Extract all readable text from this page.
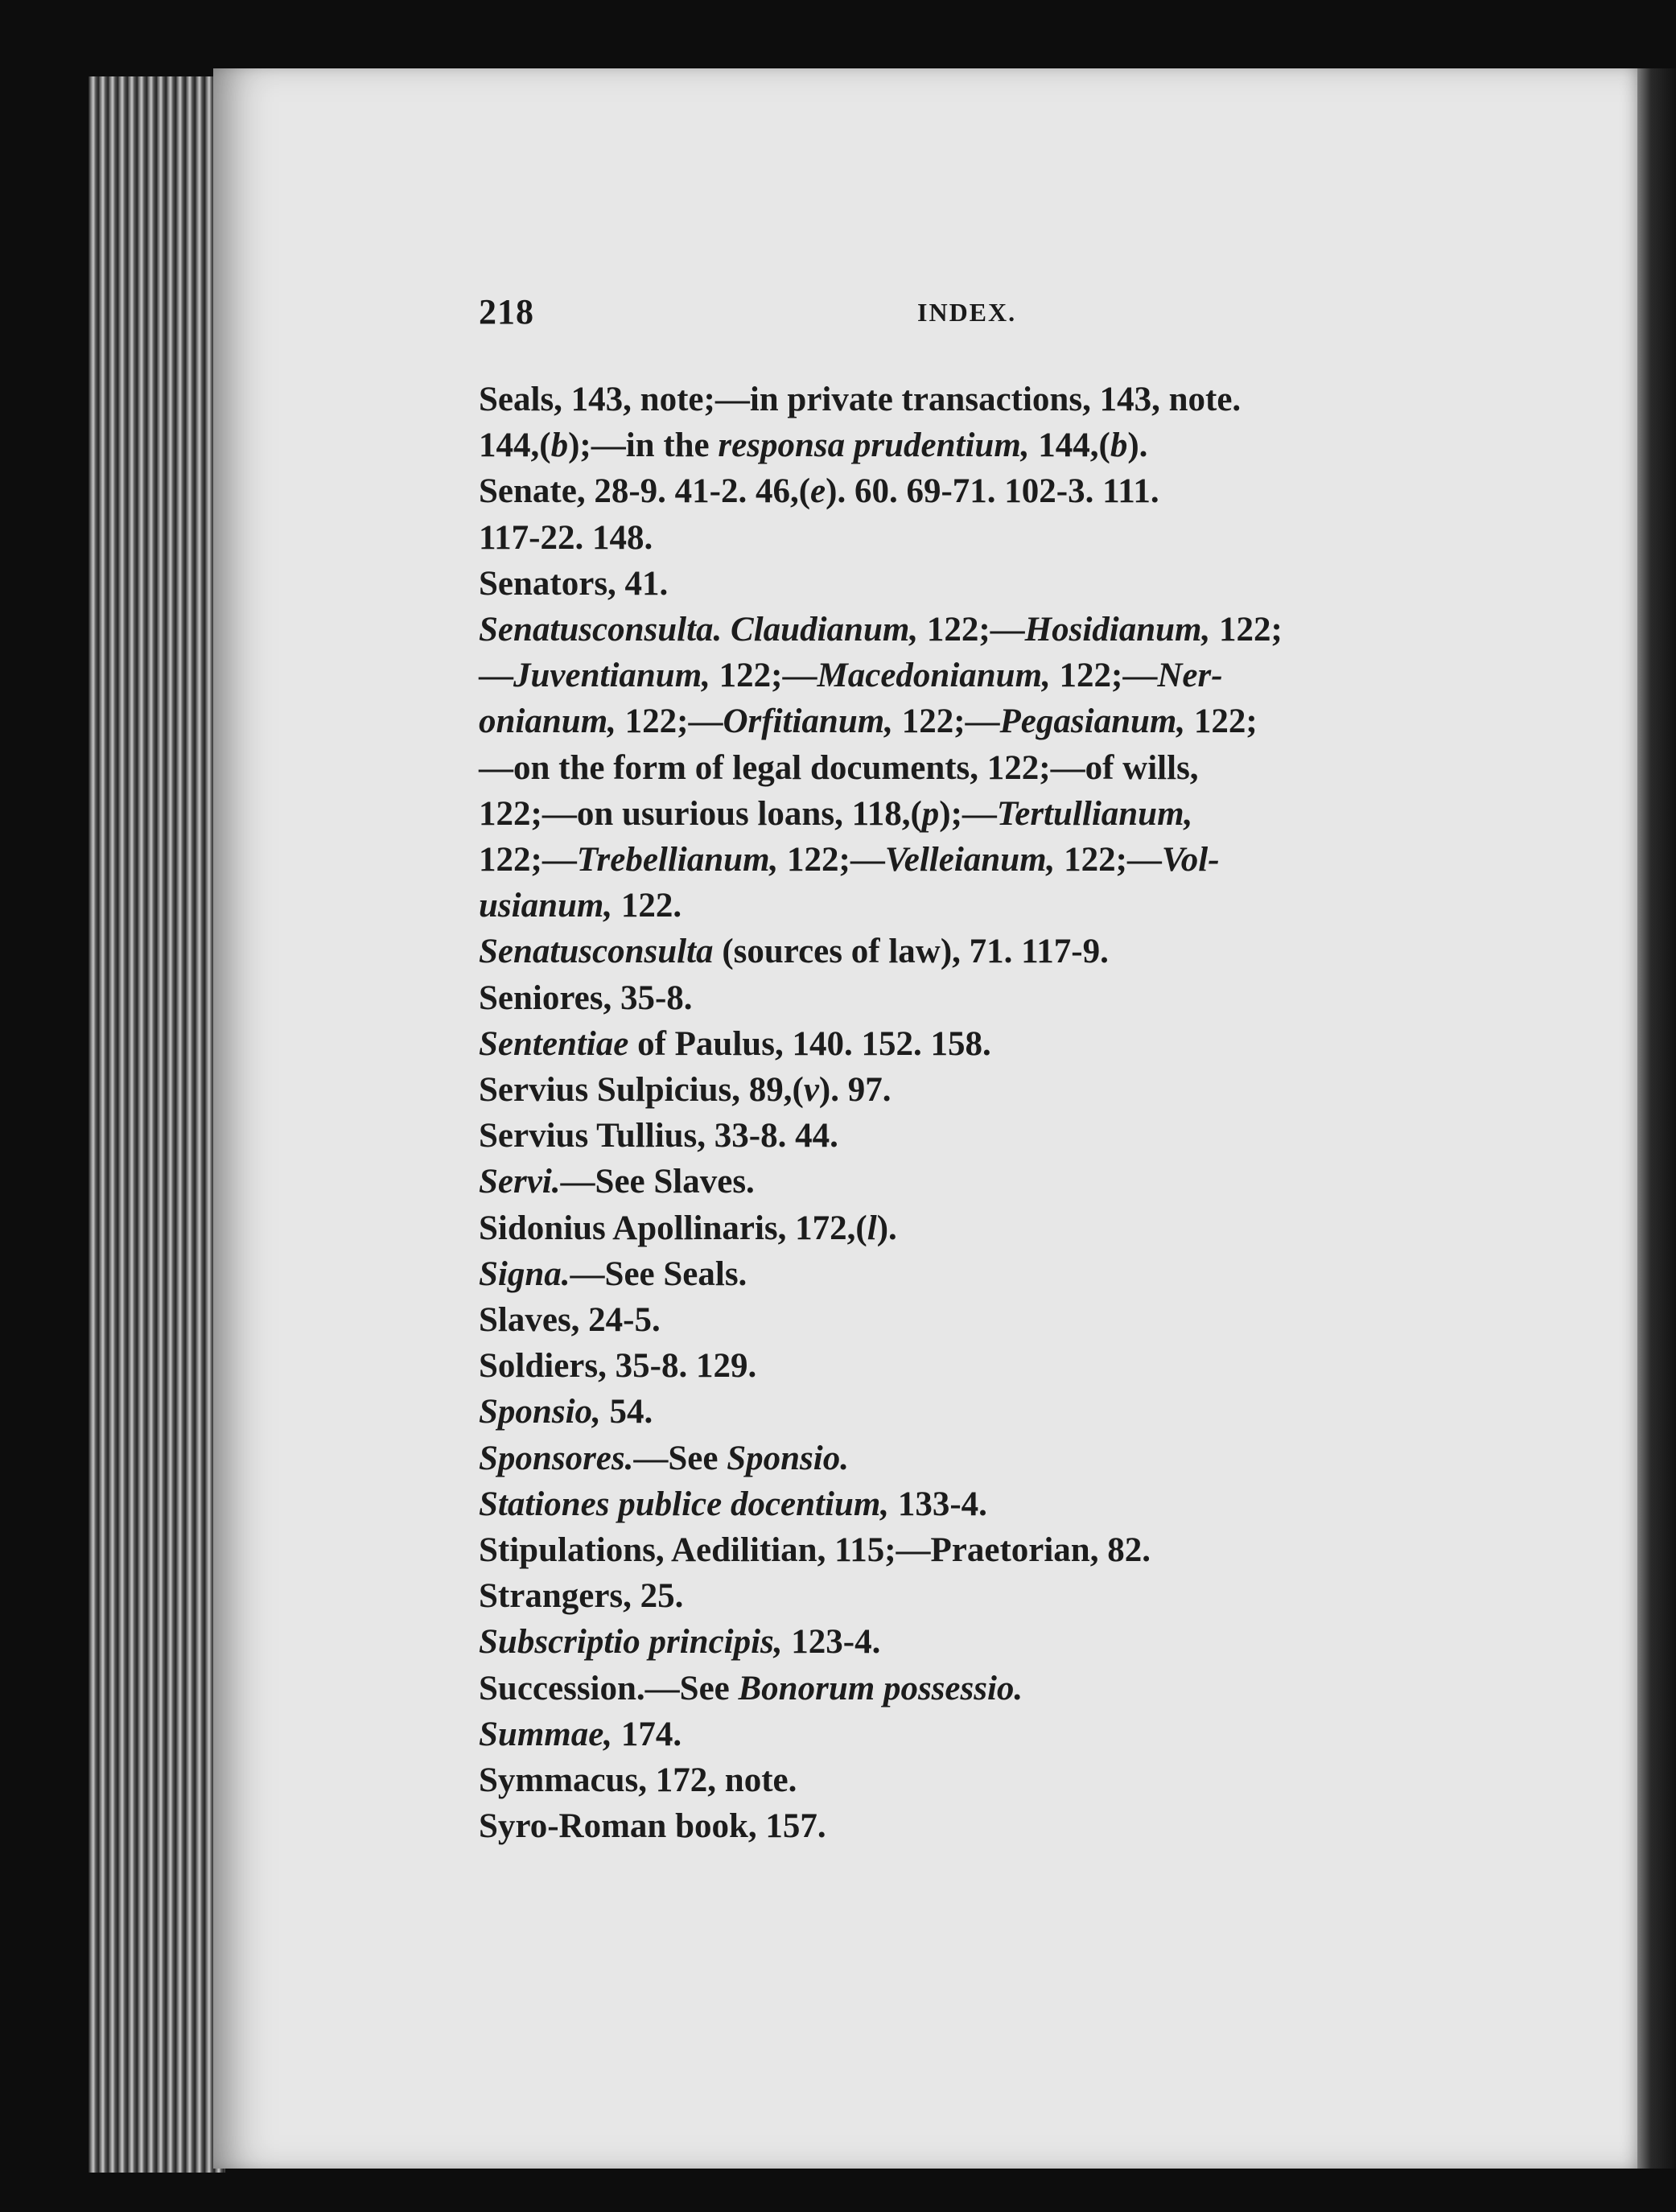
218	INDEX.
Seals, 143, note;—in private transactions, 143, note.
144,(b);—in the responsa prudentium, 144,(b).
Senate, 28-9. 41-2. 46,(e). 60. 69-71. 102-3. 111.
117-22. 148.
Senators, 41.
Senatusconsulta. Claudianum, 122;—Hosidianum, 122;
—Juventianum, 122;—Macedonianum, 122;—Ner-
onianum, 122;—Orfitianum, 122;—Pegasianum, 122;
—on the form of legal documents, 122;—of wills,
122;—on usurious loans, 118,(p);—Tertullianum,
122;—Trebellianum, 122;—Velleianum, 122;—Vol-
usianum, 122.
Senatusconsulta (sources of law), 71. 117-9.
Seniores, 35-8.
Sententiae of Paulus, 140. 152. 158.
Servius Sulpicius, 89,(v). 97.
Servius Tullius, 33-8. 44.
Servi.—See Slaves.
Sidonius Apollinaris, 172,(l).
Signa.—See Seals.
Slaves, 24-5.
Soldiers, 35-8. 129.
Sponsio, 54.
Sponsores.—See Sponsio.
Stationes publice docentium, 133-4.
Stipulations, Aedilitian, 115;—Praetorian, 82.
Strangers, 25.
Subscriptio principis, 123-4.
Succession.—See Bonorum possessio.
Summae, 174.
Symmacus, 172, note.
Syro-Roman book, 157.
